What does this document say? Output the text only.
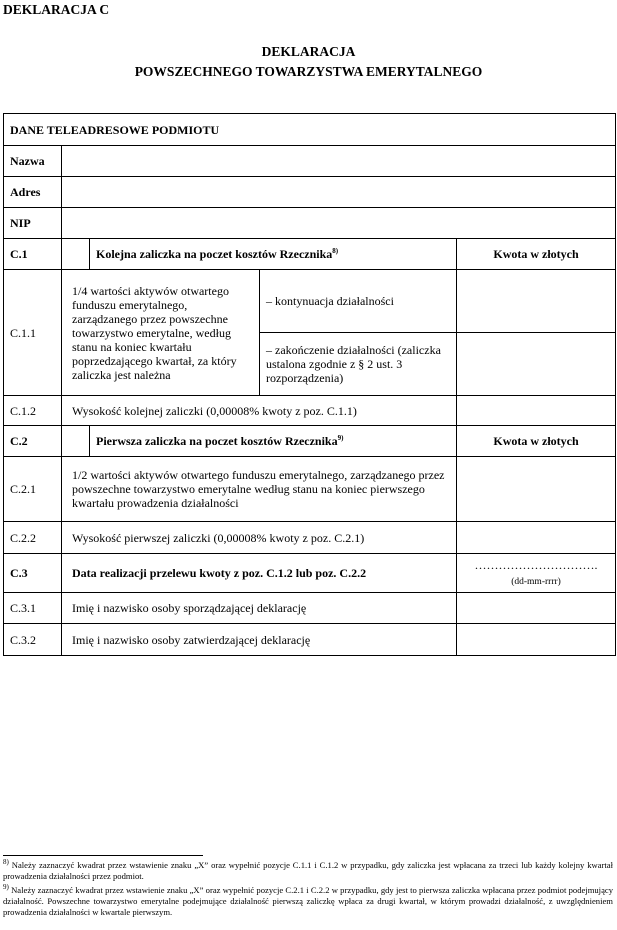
DEKLARACJA C
DEKLARACJA
POWSZECHNEGO TOWARZYSTWA EMERYTALNEGO
DANE TELEADRESOWE PODMIOTU				
Nazwa				
Adres				
NIP				
C.1		Kolejna zaliczka na poczet kosztów Rzecznika$^{8)}$		Kwota w złotych
C.1.1	1/4 wartości aktywów otwartego funduszu emerytalnego, zarządzanego przez powszechne towarzystwo emerytalne, według stanu na koniec kwartału poprzedzającego kwartał, za który zaliczka jest należna		– kontynuacja działalności	
			– zakończenie działalności (zaliczka ustalona zgodnie z § 2 ust. 3 rozporządzenia)	
C.1.2	Wysokość kolejnej zaliczki (0,00008% kwoty z poz. C.1.1)			
C.2		Pierwsza zaliczka na poczet kosztów Rzecznika$^{9)}$		Kwota w złotych
C.2.1	1/2 wartości aktywów otwartego funduszu emerytalnego, zarządzanego przez powszechne towarzystwo emerytalne według stanu na koniec pierwszego kwartału prowadzenia działalności			
C.2.2	Wysokość pierwszej zaliczki (0,00008% kwoty z poz. C.2.1)			
C.3	Data realizacji przelewu kwoty z poz. C.1.2 lub poz. C.2.2			………………………….
(dd-mm-rrrr)

C.3.1	Imię i nazwisko osoby sporządzającej deklarację			
C.3.2	Imię i nazwisko osoby zatwierdzającej deklarację			

$^{8)}$ Należy zaznaczyć kwadrat przez wstawienie znaku „X” oraz wypełnić pozycje C.1.1 i C.1.2 w przypadku, gdy zaliczka jest wpłacana za trzeci lub każdy kolejny kwartał prowadzenia działalności przez podmiot.

$^{9)}$ Należy zaznaczyć kwadrat przez wstawienie znaku „X” oraz wypełnić pozycje C.2.1 i C.2.2 w przypadku, gdy jest to pierwsza zaliczka wpłacana przez podmiot podejmujący działalność. Powszechne towarzystwo emerytalne podejmujące działalność pierwszą zaliczkę wpłaca za drugi kwartał, w którym prowadzi działalność, z uwzględnieniem prowadzenia działalności w kwartale pierwszym.
